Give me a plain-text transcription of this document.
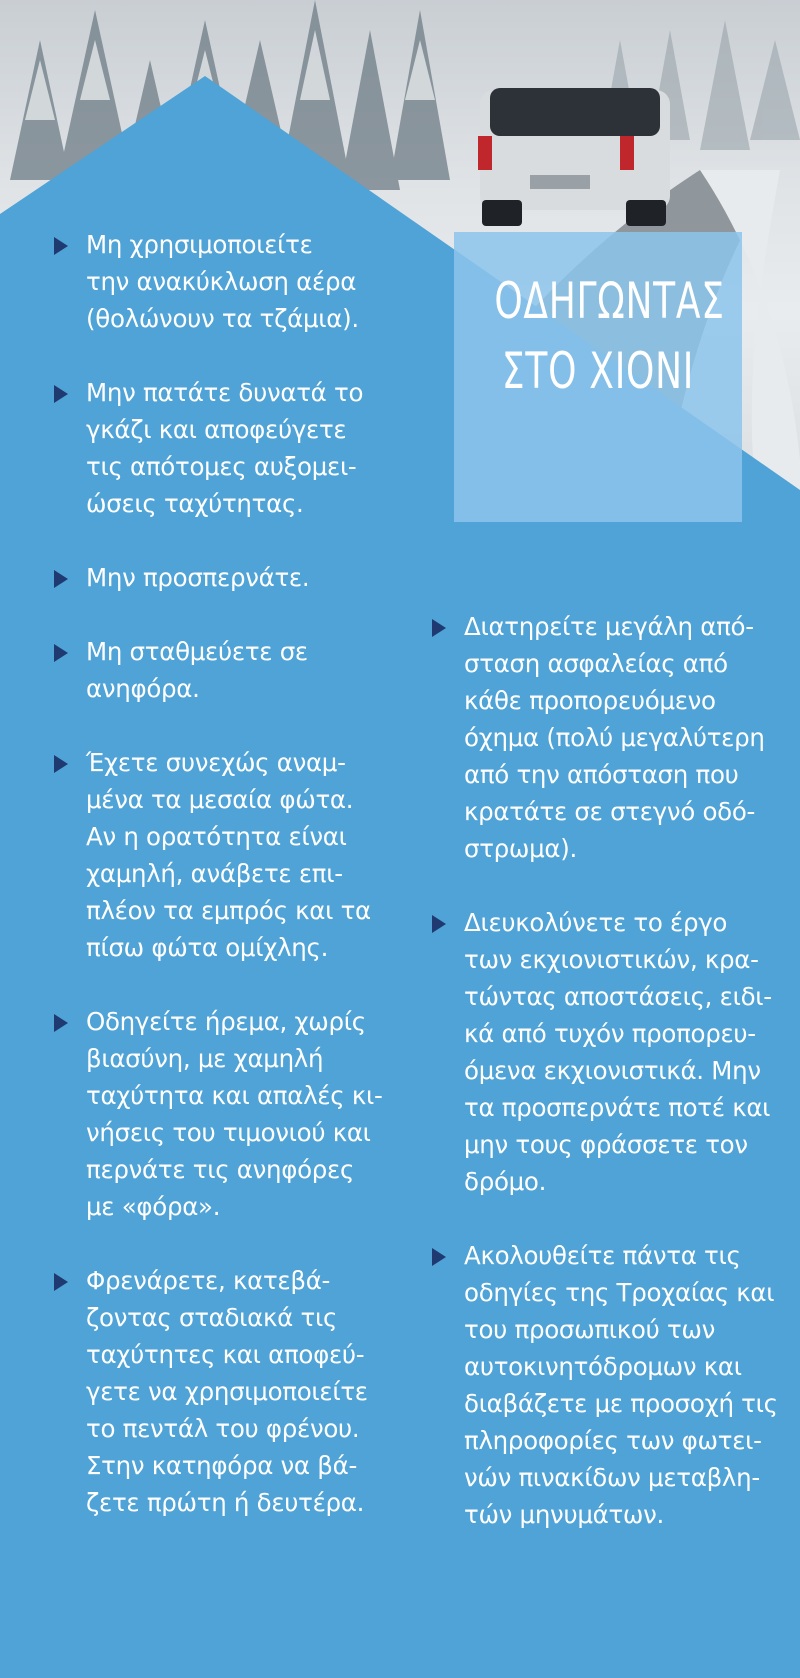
ΟΔΗΓΩΝΤΑΣ
ΣΤΟ ΧΙΟΝΙ
Μη χρησιμοποιείτε
την ανακύκλωση αέρα
(θολώνουν τα τζάμια).
Μην πατάτε δυνατά το
γκάζι και αποφεύγετε
τις απότομες αυξομει-
ώσεις ταχύτητας.
Μην προσπερνάτε.
Μη σταθμεύετε σε
ανηφόρα.
Έχετε συνεχώς αναμ-
μένα τα μεσαία φώτα.
Αν η ορατότητα είναι
χαμηλή, ανάβετε επι-
πλέον τα εμπρός και τα
πίσω φώτα ομίχλης.
Οδηγείτε ήρεμα, χωρίς
βιασύνη, με χαμηλή
ταχύτητα και απαλές κι-
νήσεις του τιμονιού και
περνάτε τις ανηφόρες
με «φόρα».
Φρενάρετε, κατεβά-
ζοντας σταδιακά τις
ταχύτητες και αποφεύ-
γετε να χρησιμοποιείτε
το πεντάλ του φρένου.
Στην κατηφόρα να βά-
ζετε πρώτη ή δευτέρα.
Διατηρείτε μεγάλη από-
σταση ασφαλείας από
κάθε προπορευόμενο
όχημα (πολύ μεγαλύτερη
από την απόσταση που
κρατάτε σε στεγνό οδό-
στρωμα).
Διευκολύνετε το έργο
των εκχιονιστικών, κρα-
τώντας αποστάσεις, ειδι-
κά από τυχόν προπορευ-
όμενα εκχιονιστικά. Μην
τα προσπερνάτε ποτέ και
μην τους φράσσετε τον
δρόμο.
Ακολουθείτε πάντα τις
οδηγίες της Τροχαίας και
του προσωπικού των
αυτοκινητόδρομων και
διαβάζετε με προσοχή τις
πληροφορίες των φωτει-
νών πινακίδων μεταβλη-
τών μηνυμάτων.
